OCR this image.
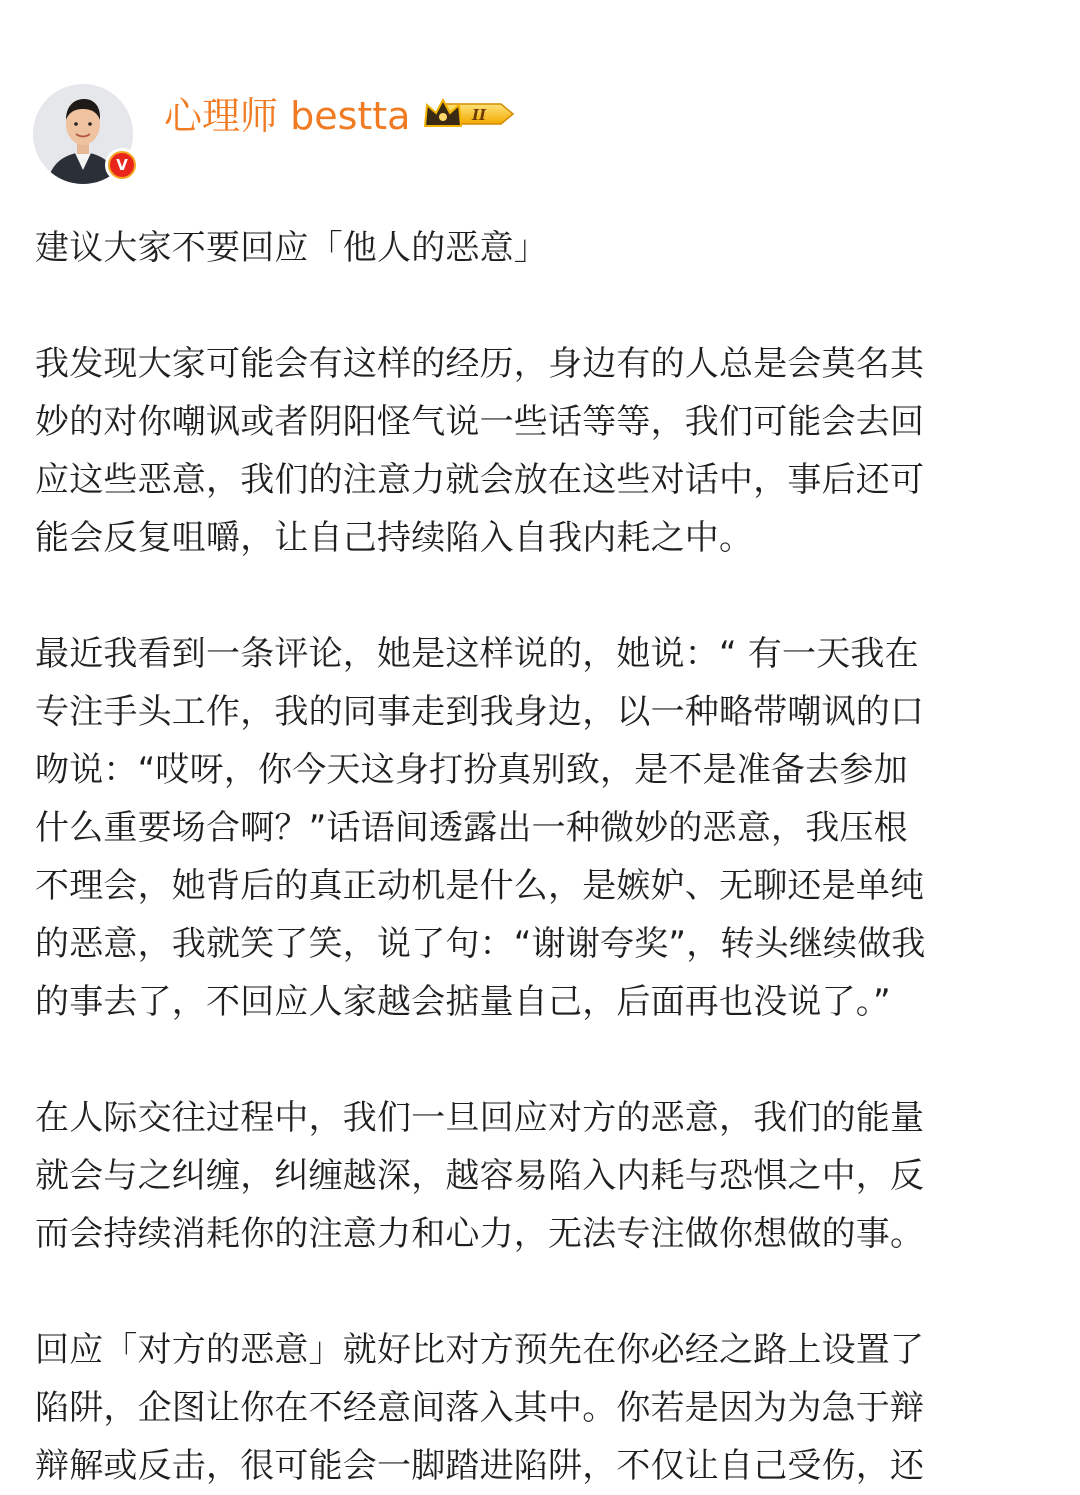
V
心理师 bestta	II

建议大家不要回应「他人的恶意」

我发现大家可能会有这样的经历，身边有的人总是会莫名其
妙的对你嘲讽或者阴阳怪气说一些话等等，我们可能会去回
应这些恶意，我们的注意力就会放在这些对话中，事后还可
能会反复咀嚼，让自己持续陷入自我内耗之中。

最近我看到一条评论，她是这样说的，她说：“ 有一天我在
专注手头工作，我的同事走到我身边，以一种略带嘲讽的口
吻说：“哎呀，你今天这身打扮真别致，是不是准备去参加
什么重要场合啊？”话语间透露出一种微妙的恶意，我压根
不理会，她背后的真正动机是什么，是嫉妒、无聊还是单纯
的恶意，我就笑了笑，说了句：“谢谢夸奖”，转头继续做我
的事去了，不回应人家越会掂量自己，后面再也没说了。”

在人际交往过程中，我们一旦回应对方的恶意，我们的能量
就会与之纠缠，纠缠越深，越容易陷入内耗与恐惧之中，反
而会持续消耗你的注意力和心力，无法专注做你想做的事。

回应「对方的恶意」就好比对方预先在你必经之路上设置了
陷阱，企图让你在不经意间落入其中。你若是因为为急于辩
辩解或反击，很可能会一脚踏进陷阱，不仅让自己受伤，还
